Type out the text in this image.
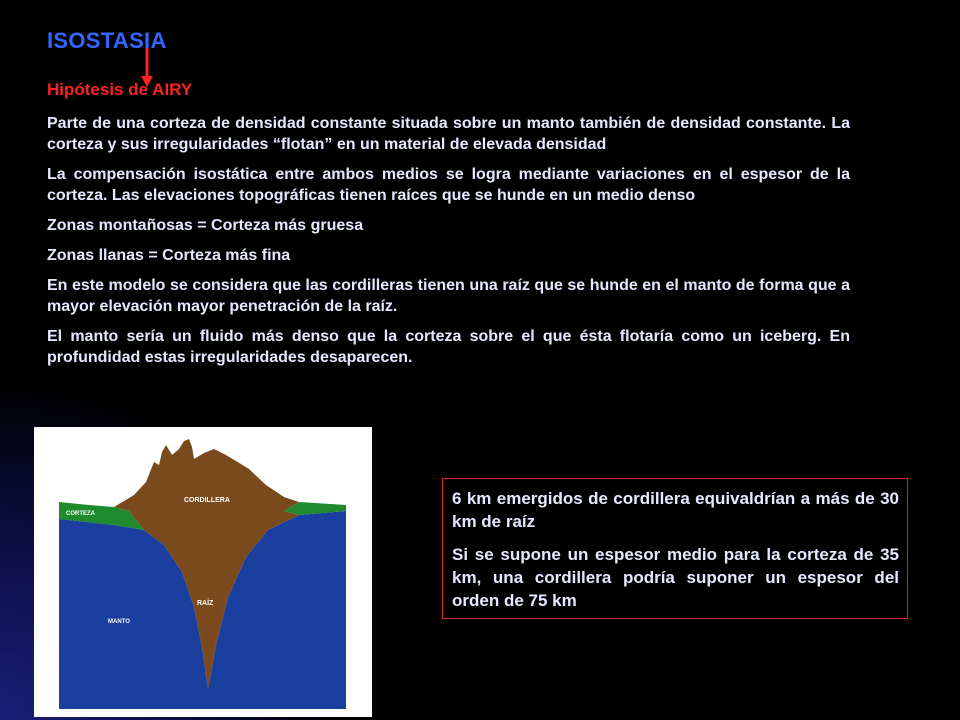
ISOSTASIA
Hipótesis de AIRY

Parte de una corteza de densidad constante situada sobre un manto también de densidad constante. La corteza y sus irregularidades “flotan” en un material de elevada densidad

La compensación isostática entre ambos medios se logra mediante variaciones en el espesor de la corteza. Las elevaciones topográficas tienen raíces que se hunde en un medio denso

Zonas montañosas = Corteza más gruesa

Zonas llanas = Corteza más fina

En este modelo se considera que las cordilleras tienen una raíz que se hunde en el manto de forma que a mayor elevación mayor penetración de la raíz.

El manto sería un fluido más denso que la corteza sobre el que ésta flotaría como un iceberg. En profundidad estas irregularidades desaparecen.

CORTEZA
CORDILLERA
RAÍZ
MANTO

6 km emergidos de cordillera equivaldrían a más de 30 km de raíz

Si se supone un espesor medio para la corteza de 35 km, una cordillera podría suponer un espesor del orden de 75 km
